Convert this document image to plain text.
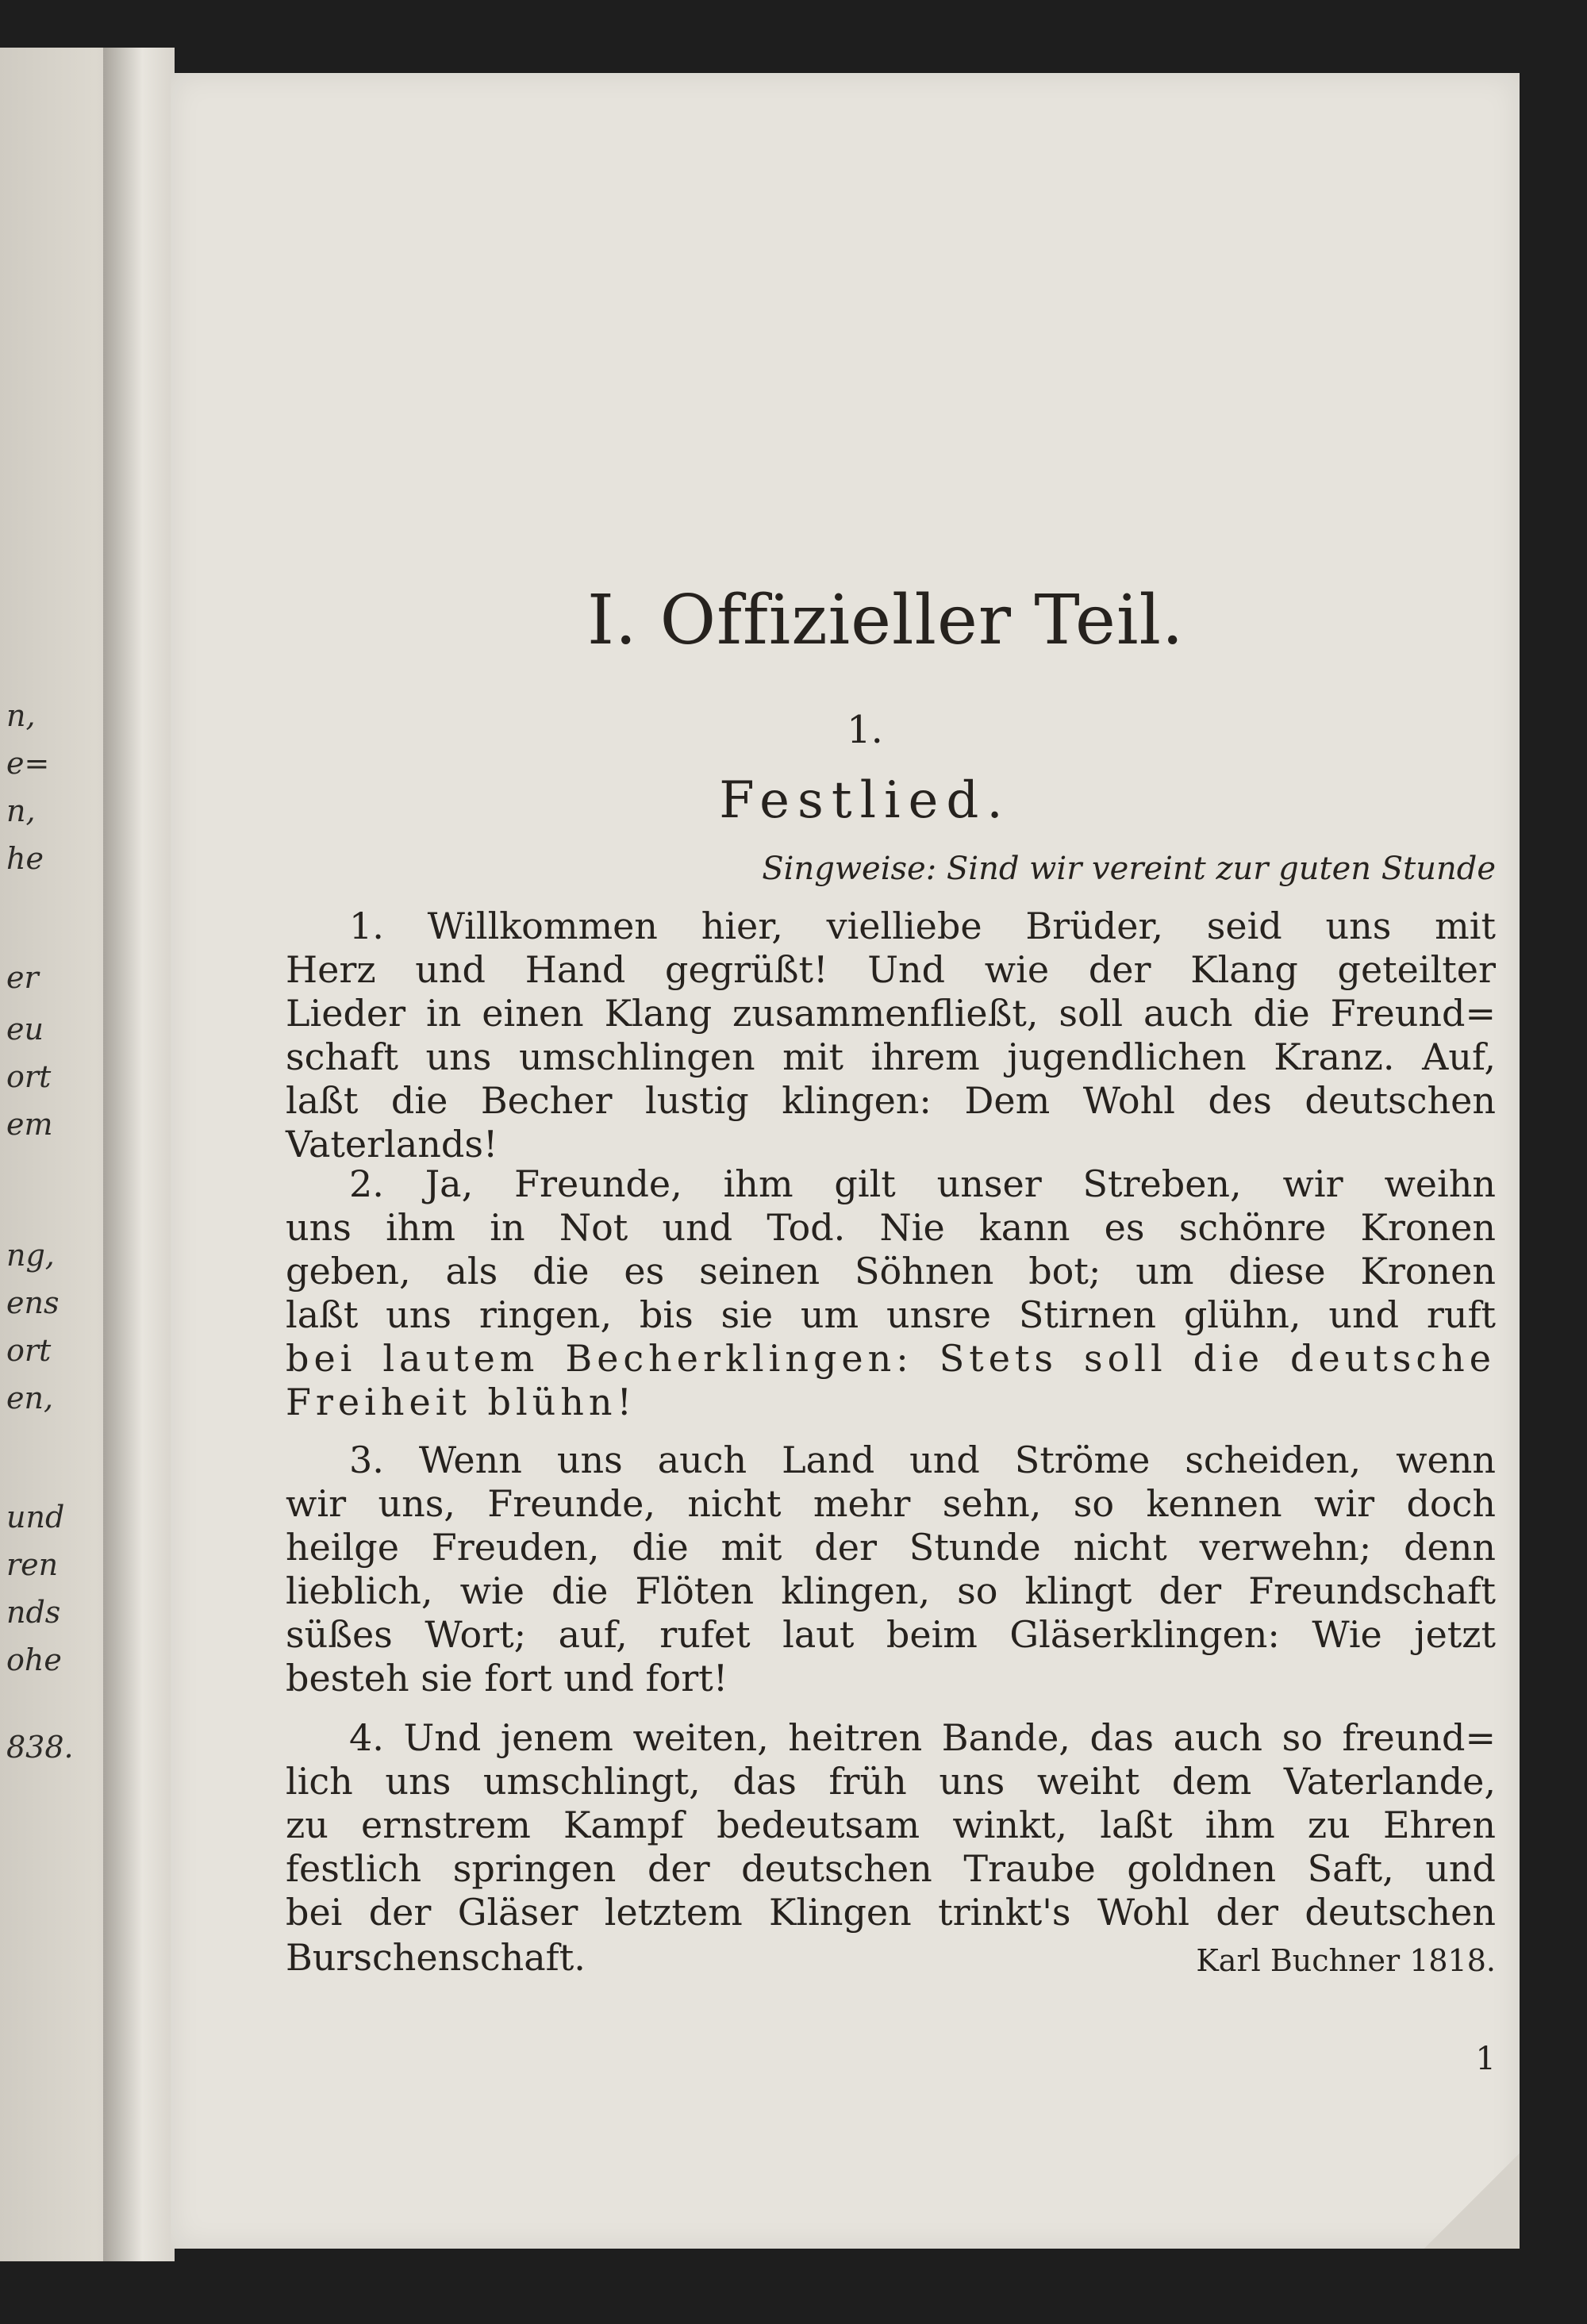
n,
e=
n,
he
er
eu
ort
em
ng,
ens
ort
en,
und
ren
nds
ohe
838.
I. Offizieller Teil.
1.
Festlied.
Singweise: Sind wir vereint zur guten Stunde
1. Willkommen hier, vielliebe Brüder, seid uns mit
Herz und Hand gegrüßt! Und wie der Klang geteilter
Lieder in einen Klang zusammenfließt, soll auch die Freund=
schaft uns umschlingen mit ihrem jugendlichen Kranz. Auf,
laßt die Becher lustig klingen: Dem Wohl des deutschen
Vaterlands!
2. Ja, Freunde, ihm gilt unser Streben, wir weihn
uns ihm in Not und Tod. Nie kann es schönre Kronen
geben, als die es seinen Söhnen bot; um diese Kronen
laßt uns ringen, bis sie um unsre Stirnen glühn, und ruft
bei lautem Becherklingen: Stets soll die deutsche
Freiheit blühn!
3. Wenn uns auch Land und Ströme scheiden, wenn
wir uns, Freunde, nicht mehr sehn, so kennen wir doch
heilge Freuden, die mit der Stunde nicht verwehn; denn
lieblich, wie die Flöten klingen, so klingt der Freundschaft
süßes Wort; auf, rufet laut beim Gläserklingen: Wie jetzt
besteh sie fort und fort!
4. Und jenem weiten, heitren Bande, das auch so freund=
lich uns umschlingt, das früh uns weiht dem Vaterlande,
zu ernstrem Kampf bedeutsam winkt, laßt ihm zu Ehren
festlich springen der deutschen Traube goldnen Saft, und
bei der Gläser letztem Klingen trinkt's Wohl der deutschen
Burschenschaft.	Karl Buchner 1818.
1
